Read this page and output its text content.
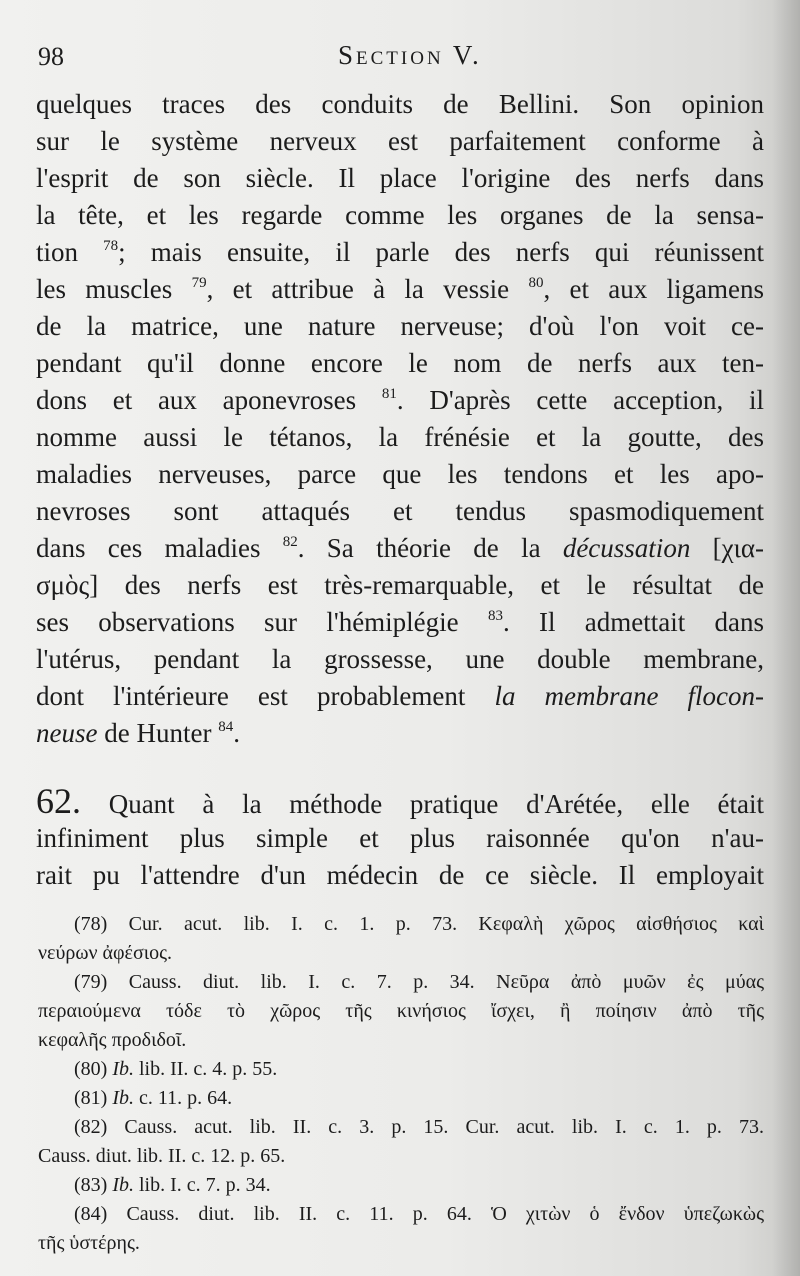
98	Section V.
quelques traces des conduits de Bellini. Son opinion
sur le système nerveux est parfaitement conforme à
l'esprit de son siècle. Il place l'origine des nerfs dans
la tête, et les regarde comme les organes de la sensa-
tion $^{78}$; mais ensuite, il parle des nerfs qui réunissent
les muscles $^{79}$, et attribue à la vessie $^{80}$, et aux ligamens
de la matrice, une nature nerveuse; d'où l'on voit ce-
pendant qu'il donne encore le nom de nerfs aux ten-
dons et aux aponevroses $^{81}$. D'après cette acception, il
nomme aussi le tétanos, la frénésie et la goutte, des
maladies nerveuses, parce que les tendons et les apo-
nevroses sont attaqués et tendus spasmodiquement
dans ces maladies $^{82}$. Sa théorie de la décussation [χια-
σμὸς] des nerfs est très-remarquable, et le résultat de
ses observations sur l'hémiplégie $^{83}$. Il admettait dans
l'utérus, pendant la grossesse, une double membrane,
dont l'intérieure est probablement la membrane flocon-
neuse de Hunter $^{84}$.
62. Quant à la méthode pratique d'Arétée, elle était
infiniment plus simple et plus raisonnée qu'on n'au-
rait pu l'attendre d'un médecin de ce siècle. Il employait
(78) Cur. acut. lib. I. c. 1. p. 73. Κεφαλὴ χῶρος αἰσθήσιος καὶ
νεύρων ἀφέσιος.
(79) Causs. diut. lib. I. c. 7. p. 34. Νεῦρα ἀπὸ μυῶν ἐς μύας
περαιούμενα τόδε τὸ χῶρος τῆς κινήσιος ἴσχει, ἢ ποίησιν ἀπὸ τῆς
κεφαλῆς προδιδοῖ.
(80) Ib. lib. II. c. 4. p. 55.
(81) Ib. c. 11. p. 64.
(82) Causs. acut. lib. II. c. 3. p. 15. Cur. acut. lib. I. c. 1. p. 73.
Causs. diut. lib. II. c. 12. p. 65.
(83) Ib. lib. I. c. 7. p. 34.
(84) Causs. diut. lib. II. c. 11. p. 64. Ὁ χιτὼν ὁ ἔνδον ὑπεζωκὼς
τῆς ὑστέρης.
